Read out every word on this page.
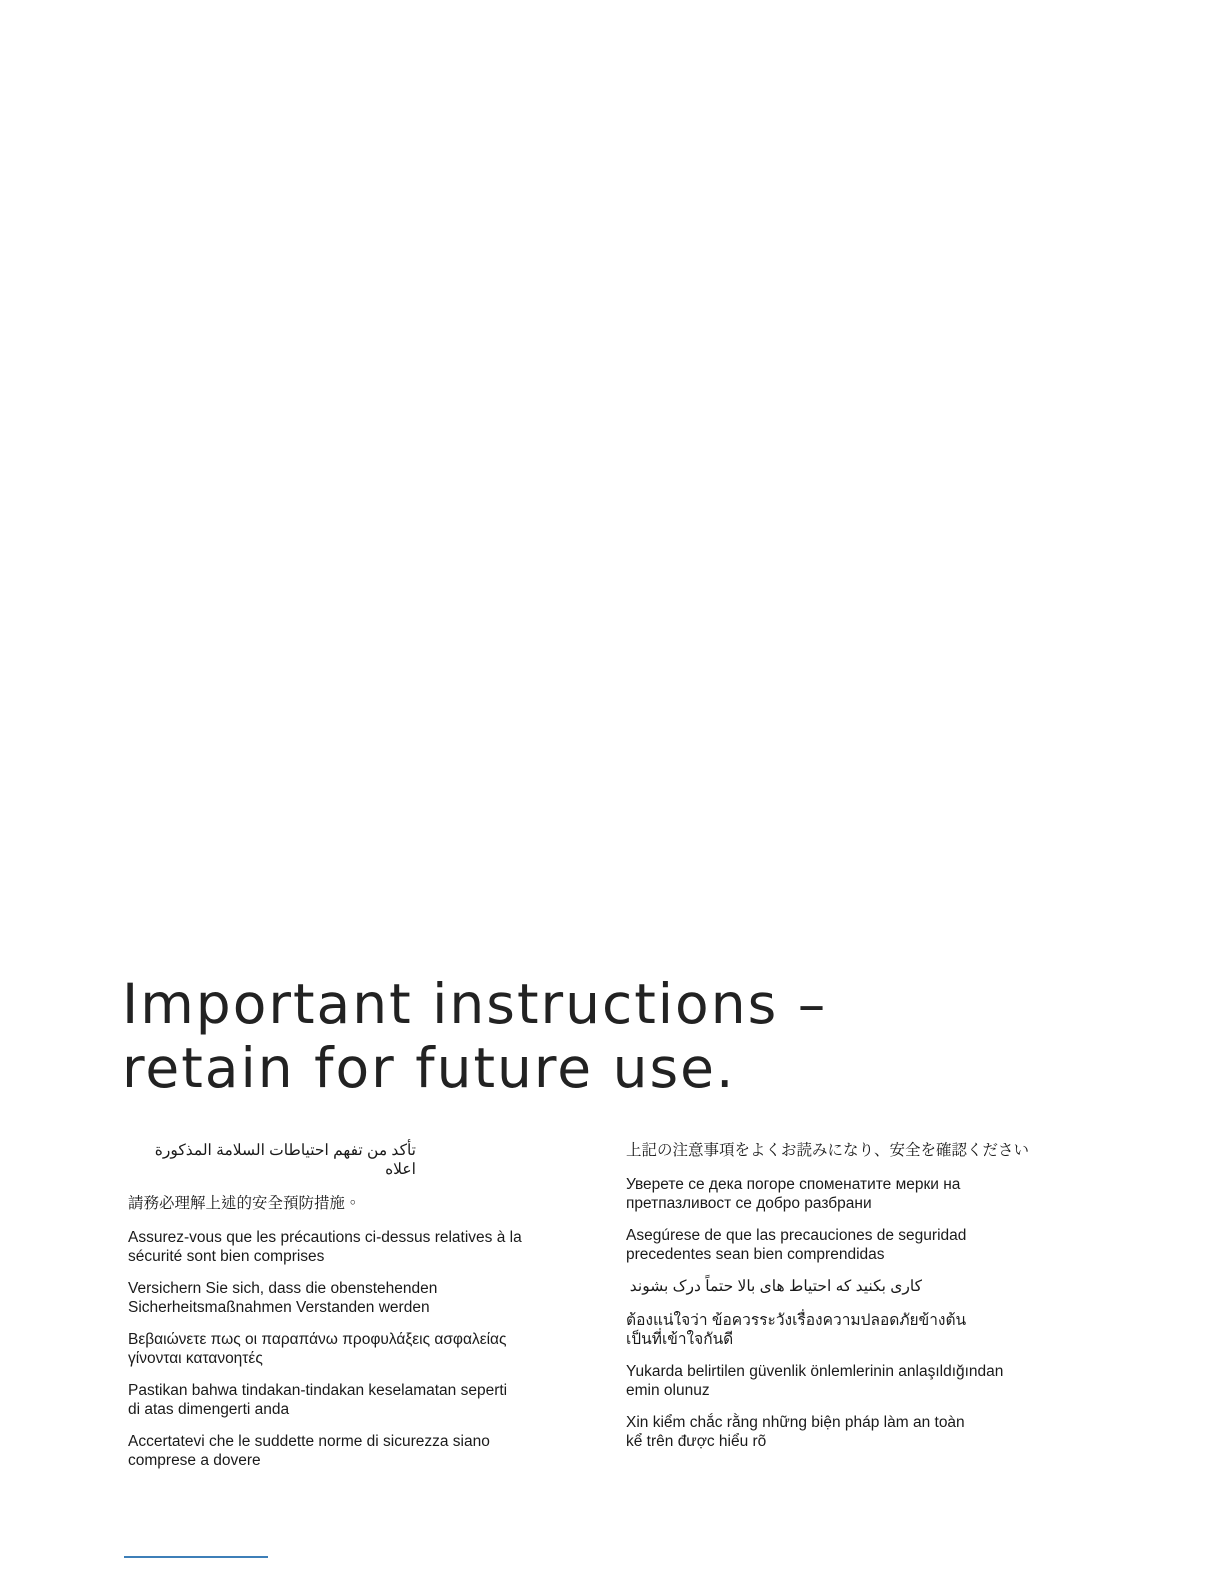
Important instructions –
retain for future use.

تأكد من تفهم احتياطات السلامة المذكورة اعلاه

請務必理解上述的安全預防措施。

Assurez-vous que les précautions ci-dessus relatives à la
sécurité sont bien comprises

Versichern Sie sich, dass die obenstehenden
Sicherheitsmaßnahmen Verstanden werden

Βεβαιώνετε πως οι παραπάνω προφυλάξεις ασφαλείας
γίνονται κατανοητές

Pastikan bahwa tindakan-tindakan keselamatan seperti
di atas dimengerti anda

Accertatevi che le suddette norme di sicurezza siano
comprese a dovere

上記の注意事項をよくお読みになり、安全を確認ください

Уверете се дека погоре споменатите мерки на
претпазливост се добро разбрани

Asegúrese de que las precauciones de seguridad
precedentes sean bien comprendidas

کاری بکنید که احتیاط های بالا حتماً درک بشوند

ต้องแน่ใจว่า ข้อควรระวังเรื่องความปลอดภัยข้างต้น
เป็นที่เข้าใจกันดี

Yukarda belirtilen güvenlik önlemlerinin anlaşıldığından
emin olunuz

Xin kiểm chắc rằng những biện pháp làm an toàn
kể trên được hiểu rõ
